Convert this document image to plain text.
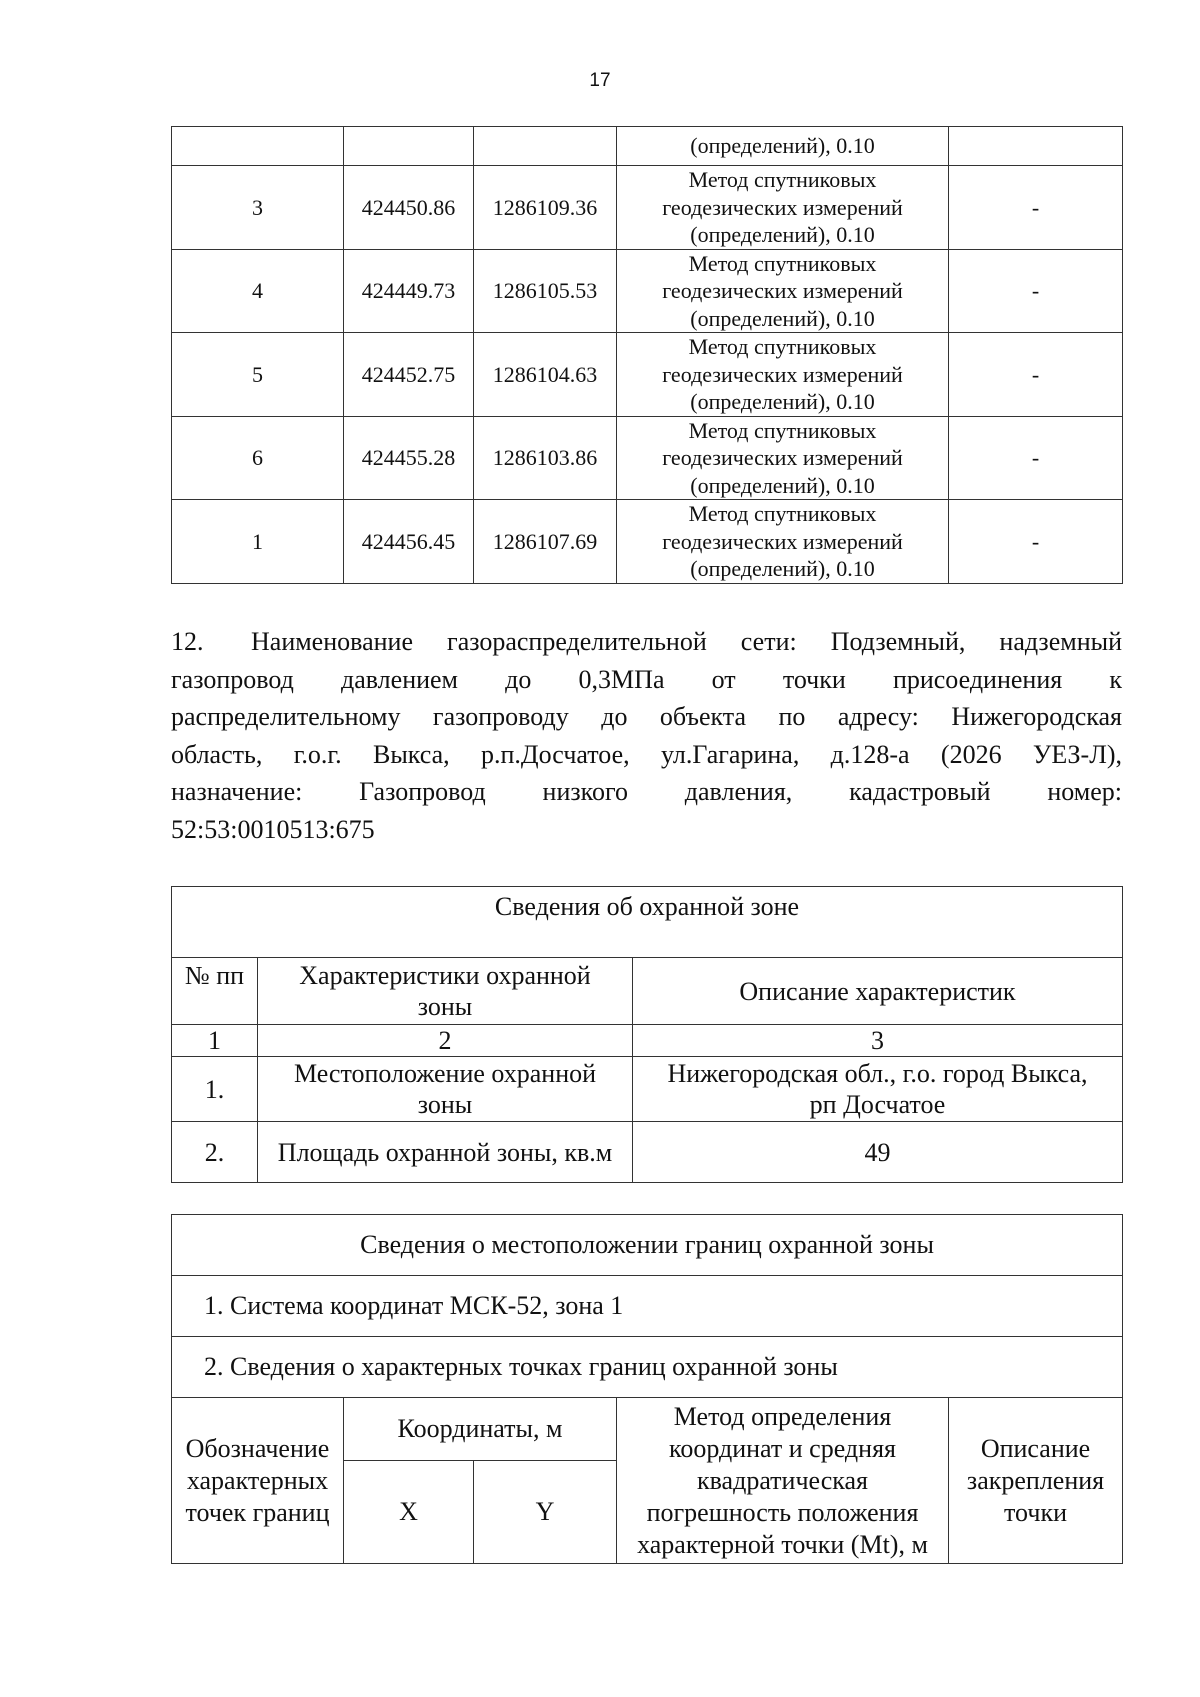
17
			(определений), 0.10	
3	424450.86	1286109.36	Метод спутниковых
геодезических измерений
(определений), 0.10	-
4	424449.73	1286105.53	Метод спутниковых
геодезических измерений
(определений), 0.10	-
5	424452.75	1286104.63	Метод спутниковых
геодезических измерений
(определений), 0.10	-
6	424455.28	1286103.86	Метод спутниковых
геодезических измерений
(определений), 0.10	-
1	424456.45	1286107.69	Метод спутниковых
геодезических измерений
(определений), 0.10	-
12. Наименование газораспределительной сети: Подземный, надземный
газопровод давлением до 0,3МПа от точки присоединения к
распределительному газопроводу до объекта по адресу: Нижегородская
область, г.о.г. Выкса, р.п.Досчатое, ул.Гагарина, д.128-а (2026 УЕЗ-Л),
назначение: Газопровод низкого давления, кадастровый номер:
52:53:0010513:675
Сведения об охранной зоне		
№ пп	Характеристики охранной
зоны	Описание характеристик
1	2	3
1.	Местоположение охранной
зоны	Нижегородская обл., г.о. город Выкса,
рп Досчатое
2.	Площадь охранной зоны, кв.м	49
Сведения о местоположении границ охранной зоны				
1. Система координат МСК-52, зона 1				
2. Сведения о характерных точках границ охранной зоны				
Обозначение
характерных
точек границ	Координаты, м		Метод определения
координат и средняя
квадратическая
погрешность положения
характерной точки (Mt), м	Описание
закрепления
точки
	X	Y		
